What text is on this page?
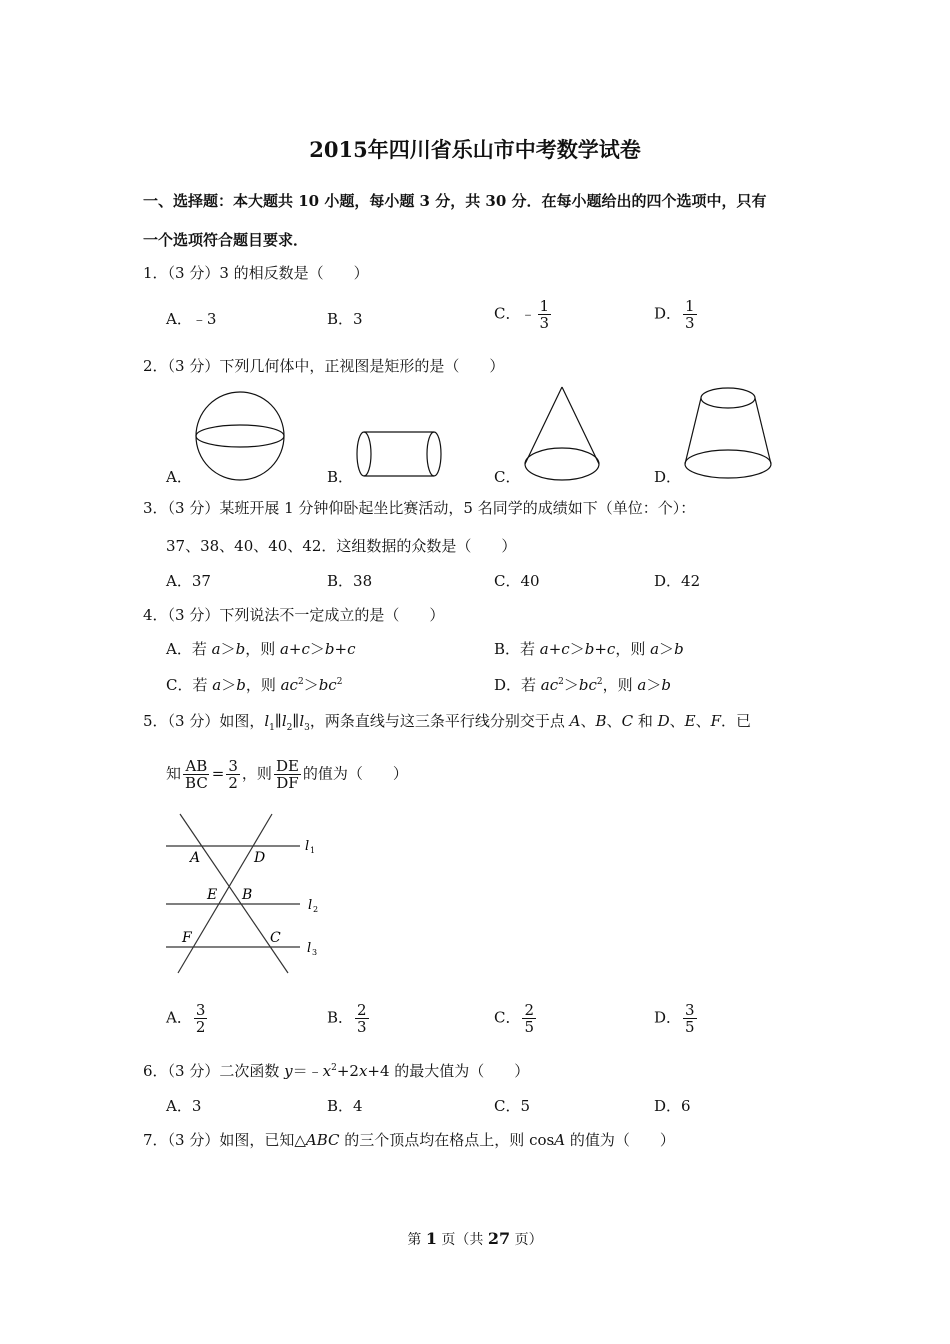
2015年四川省乐山市中考数学试卷
一、选择题：本大题共 10 小题，每小题 3 分，共 30 分．在每小题给出的四个选项中，只有
一个选项符合题目要求．
1．（3 分）3 的相反数是（　　）
A．﹣3	B．3	C．﹣ $\frac{1}{3}$	D． $\frac{1}{3}$
2．（3 分）下列几何体中，正视图是矩形的是（　　）
A．	B．	C．	D．
3．（3 分）某班开展 1 分钟仰卧起坐比赛活动，5 名同学的成绩如下（单位：个）：
37、38、40、40、42．这组数据的众数是（　　）
A．37	B．38	C．40	D．42
4．（3 分）下列说法不一定成立的是（　　）
A．若 a＞b，则 a+c＞b+c	B．若 a+c＞b+c，则 a＞b
C．若 a＞b，则 $ac^2>bc^2$	D．若 $ac^2>bc^2$，则 a＞b
5．（3 分）如图，$l_1\parallel l_2\parallel l_3$，两条直线与这三条平行线分别交于点 A、B、C 和 D、E、F．已
知 $\frac{AB}{BC} = \frac{3}{2}$ ，则 $\frac{DE}{DF}$ 的值为（　　）
A	D
E B
F	C
l 1
l 2
l 3
A． $\frac{3}{2}$	B． $\frac{2}{3}$	C． $\frac{2}{5}$	D． $\frac{3}{5}$
6．（3 分）二次函数 $y=﹣x^2+2x+4$ 的最大值为（　　）
A．3	B．4	C．5	D．6
7．（3 分）如图，已知△ABC 的三个顶点均在格点上，则 cosA 的值为（　　）
第 1 页（共 27 页）
